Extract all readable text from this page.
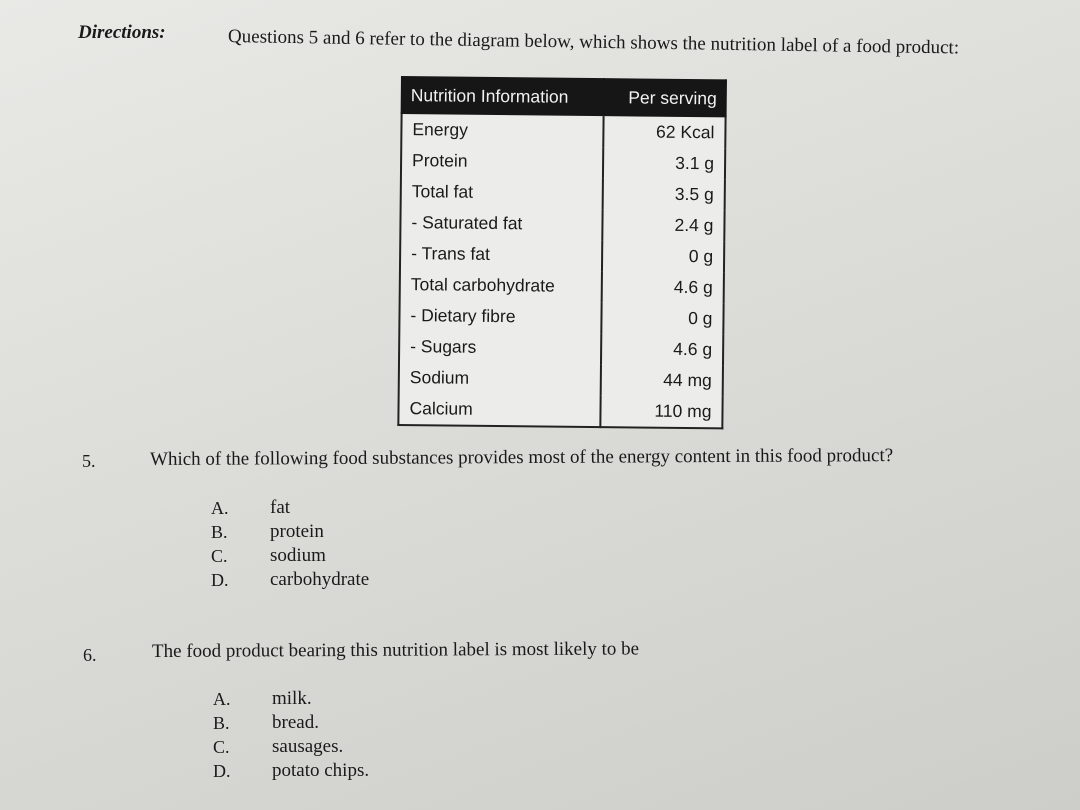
Directions:	Questions 5 and 6 refer to the diagram below, which shows the nutrition label of a food product:
Nutrition Information	Per serving
Energy	62 Kcal
Protein	3.1 g
Total fat	3.5 g
- Saturated fat	2.4 g
- Trans fat	0 g
Total carbohydrate	4.6 g
- Dietary fibre	0 g
- Sugars	4.6 g
Sodium	44 mg
Calcium	110 mg
5.	Which of the following food substances provides most of the energy content in this food product?
A. fat
B. protein
C. sodium
D. carbohydrate
6.	The food product bearing this nutrition label is most likely to be
A. milk.
B. bread.
C. sausages.
D. potato chips.
